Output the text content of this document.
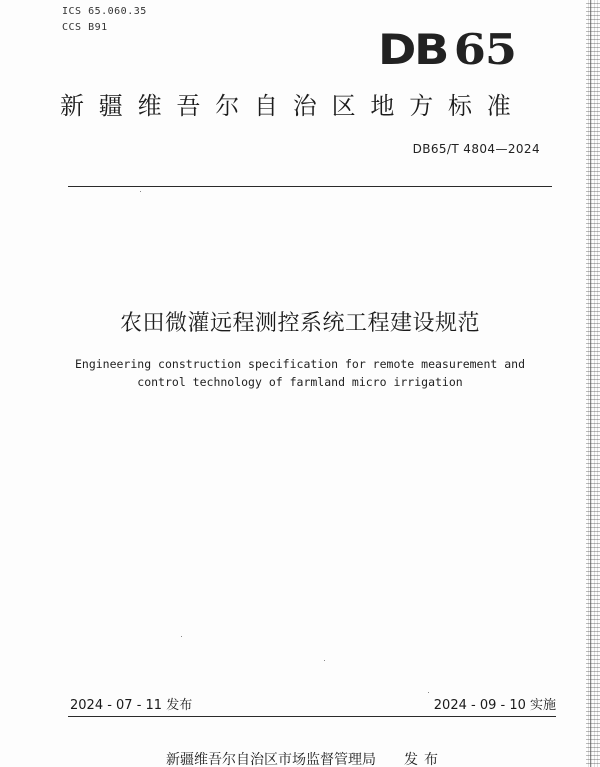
ICS 65.060.35
CCS B91	DB 65
新疆维吾尔自治区地方标准
DB65/T 4804—2024
农田微灌远程测控系统工程建设规范
Engineering construction specification for remote measurement and
control technology of farmland micro irrigation
2024 - 07 - 11 发布	2024 - 09 - 10 实施
新疆维吾尔自治区市场监督管理局 发布
